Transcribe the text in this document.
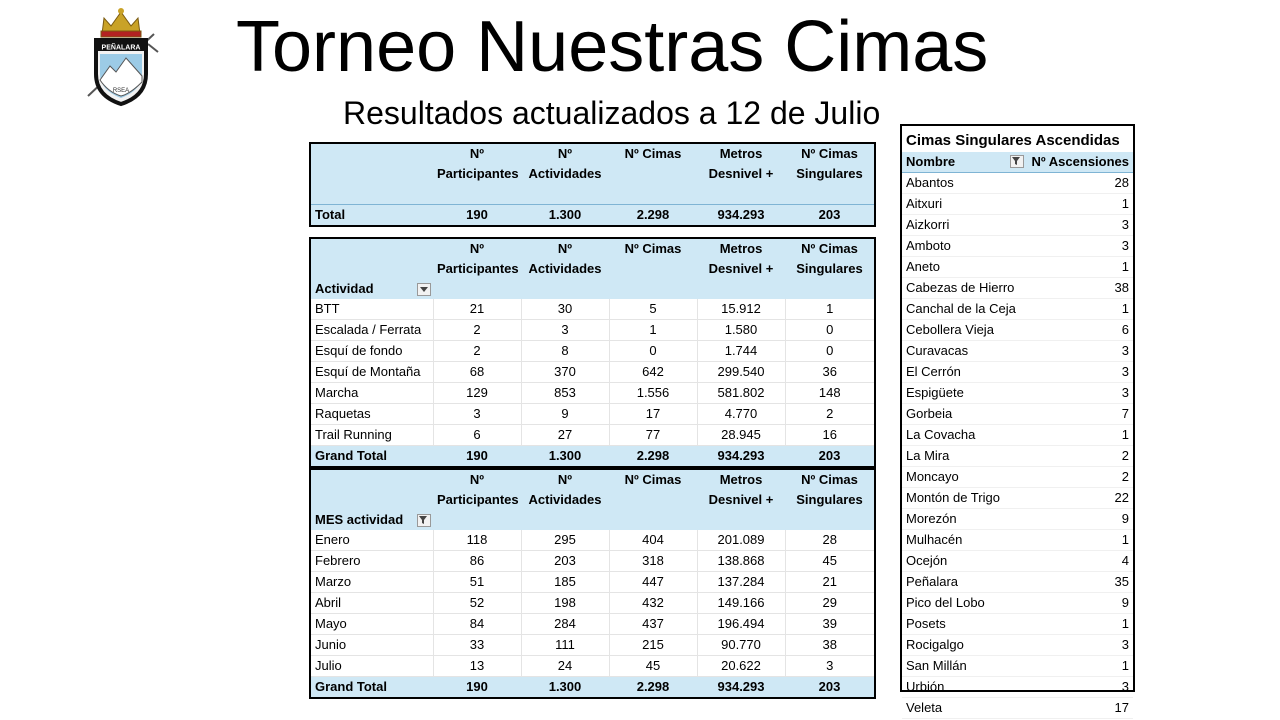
PEÑALARA
RSEA
Torneo Nuestras Cimas
Resultados actualizados a 12 de Julio
	Nº Participantes	Nº Actividades	Nº Cimas	Metros Desnivel +	Nº Cimas Singulares
Total	190	1.300	2.298	934.293	203
Actividad	Nº Participantes	Nº Actividades	Nº Cimas	Metros Desnivel +	Nº Cimas Singulares
BTT	21	30	5	15.912	1
Escalada / Ferrata	2	3	1	1.580	0
Esquí de fondo	2	8	0	1.744	0
Esquí de Montaña	68	370	642	299.540	36
Marcha	129	853	1.556	581.802	148
Raquetas	3	9	17	4.770	2
Trail Running	6	27	77	28.945	16
Grand Total	190	1.300	2.298	934.293	203
MES actividad	Nº Participantes	Nº Actividades	Nº Cimas	Metros Desnivel +	Nº Cimas Singulares
Enero	118	295	404	201.089	28
Febrero	86	203	318	138.868	45
Marzo	51	185	447	137.284	21
Abril	52	198	432	149.166	29
Mayo	84	284	437	196.494	39
Junio	33	111	215	90.770	38
Julio	13	24	45	20.622	3
Grand Total	190	1.300	2.298	934.293	203
Cimas Singulares Ascendidas
Nombre	Nº Ascensiones
Abantos	28
Aitxuri	1
Aizkorri	3
Amboto	3
Aneto	1
Cabezas de Hierro	38
Canchal de la Ceja	1
Cebollera Vieja	6
Curavacas	3
El Cerrón	3
Espigüete	3
Gorbeia	7
La Covacha	1
La Mira	2
Moncayo	2
Montón de Trigo	22
Morezón	9
Mulhacén	1
Ocejón	4
Peñalara	35
Pico del Lobo	9
Posets	1
Rocigalgo	3
San Millán	1
Urbión	3
Veleta	17
